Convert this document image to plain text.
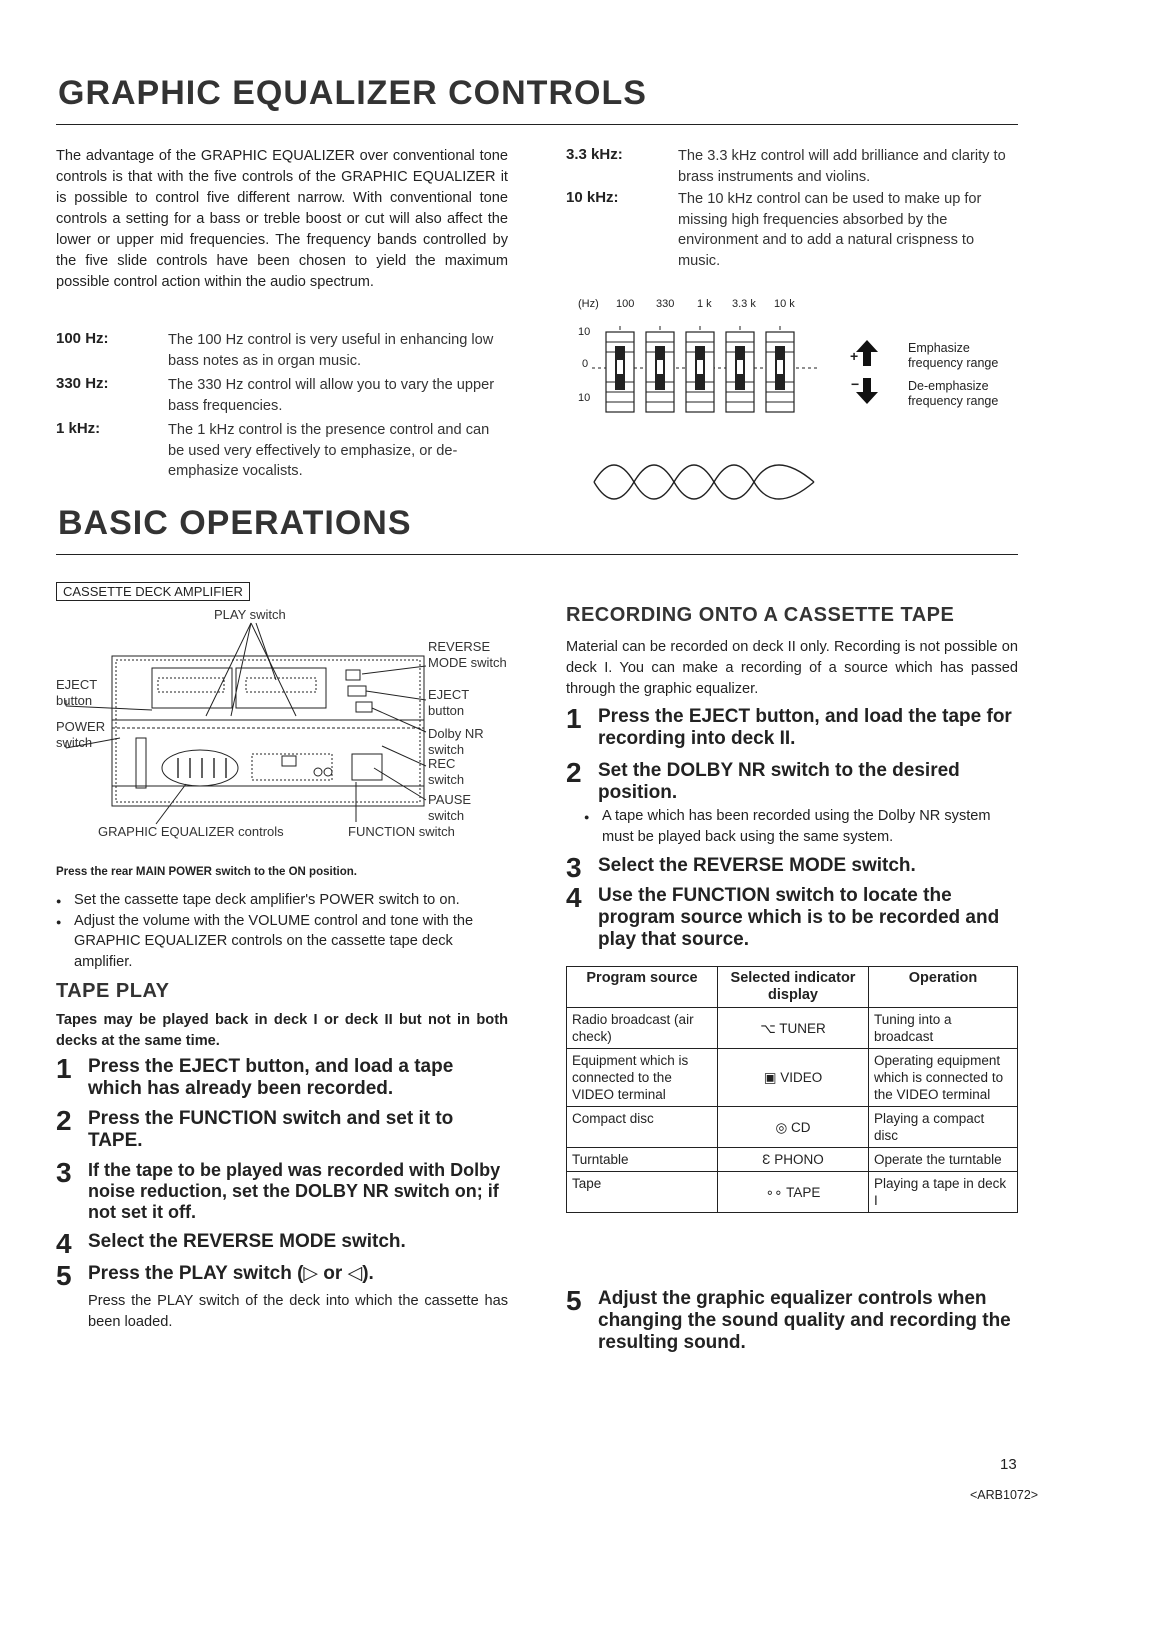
GRAPHIC EQUALIZER CONTROLS
The advantage of the GRAPHIC EQUALIZER over conventional tone controls is that with the five controls of the GRAPHIC EQUALIZER it is possible to control five different narrow. With conventional tone controls a setting for a bass or treble boost or cut will also affect the lower or upper mid frequencies. The frequency bands controlled by the five slide controls have been chosen to yield the maximum possible control action within the audio spectrum.
100 Hz:	The 100 Hz control is very useful in enhancing low bass notes as in organ music.
330 Hz:	The 330 Hz control will allow you to vary the upper bass frequencies.
1 kHz:	The 1 kHz control is the presence control and can be used very effectively to emphasize, or de-emphasize vocalists.
3.3 kHz:	The 3.3 kHz control will add brilliance and clarity to brass instruments and violins.
10 kHz:	The 10 kHz control can be used to make up for missing high frequencies absorbed by the environment and to add a natural crispness to music.
(Hz) 100 330 1 k 3.3 k 10 k
10
0
10
+
−
Emphasize frequency range
De-emphasize frequency range
BASIC OPERATIONS
CASSETTE DECK AMPLIFIER
PLAY switch
REVERSE MODE switch
EJECT button
Dolby NR switch
REC switch
PAUSE switch
EJECT button
POWER switch
GRAPHIC EQUALIZER controls	FUNCTION switch
Press the rear MAIN POWER switch to the ON position.
● Set the cassette tape deck amplifier's POWER switch to on.
● Adjust the volume with the VOLUME control and tone with the GRAPHIC EQUALIZER controls on the cassette tape deck amplifier.
TAPE PLAY
Tapes may be played back in deck I or deck II but not in both decks at the same time.
1 Press the EJECT button, and load a tape which has already been recorded.
2 Press the FUNCTION switch and set it to TAPE.
3 If the tape to be played was recorded with Dolby noise reduction, set the DOLBY NR switch on; if not set it off.
4 Select the REVERSE MODE switch.
5 Press the PLAY switch (▷ or ◁).
Press the PLAY switch of the deck into which the cassette has been loaded.
RECORDING ONTO A CASSETTE TAPE
Material can be recorded on deck II only. Recording is not possible on deck I. You can make a recording of a source which has passed through the graphic equalizer.
1 Press the EJECT button, and load the tape for recording into deck II.
2 Set the DOLBY NR switch to the desired position.
● A tape which has been recorded using the Dolby NR system must be played back using the same system.
3 Select the REVERSE MODE switch.
4 Use the FUNCTION switch to locate the program source which is to be recorded and play that source.
Program source	Selected indicator display	Operation
Radio broadcast (air check)	⌥ TUNER	Tuning into a broadcast
Equipment which is connected to the VIDEO terminal	▣ VIDEO	Operating equipment which is connected to the VIDEO terminal
Compact disc	◎ CD	Playing a compact disc
Turntable	Ɛ PHONO	Operate the turntable
Tape	∘∘ TAPE	Playing a tape in deck I
5 Adjust the graphic equalizer controls when changing the sound quality and recording the resulting sound.
13
<ARB1072>
